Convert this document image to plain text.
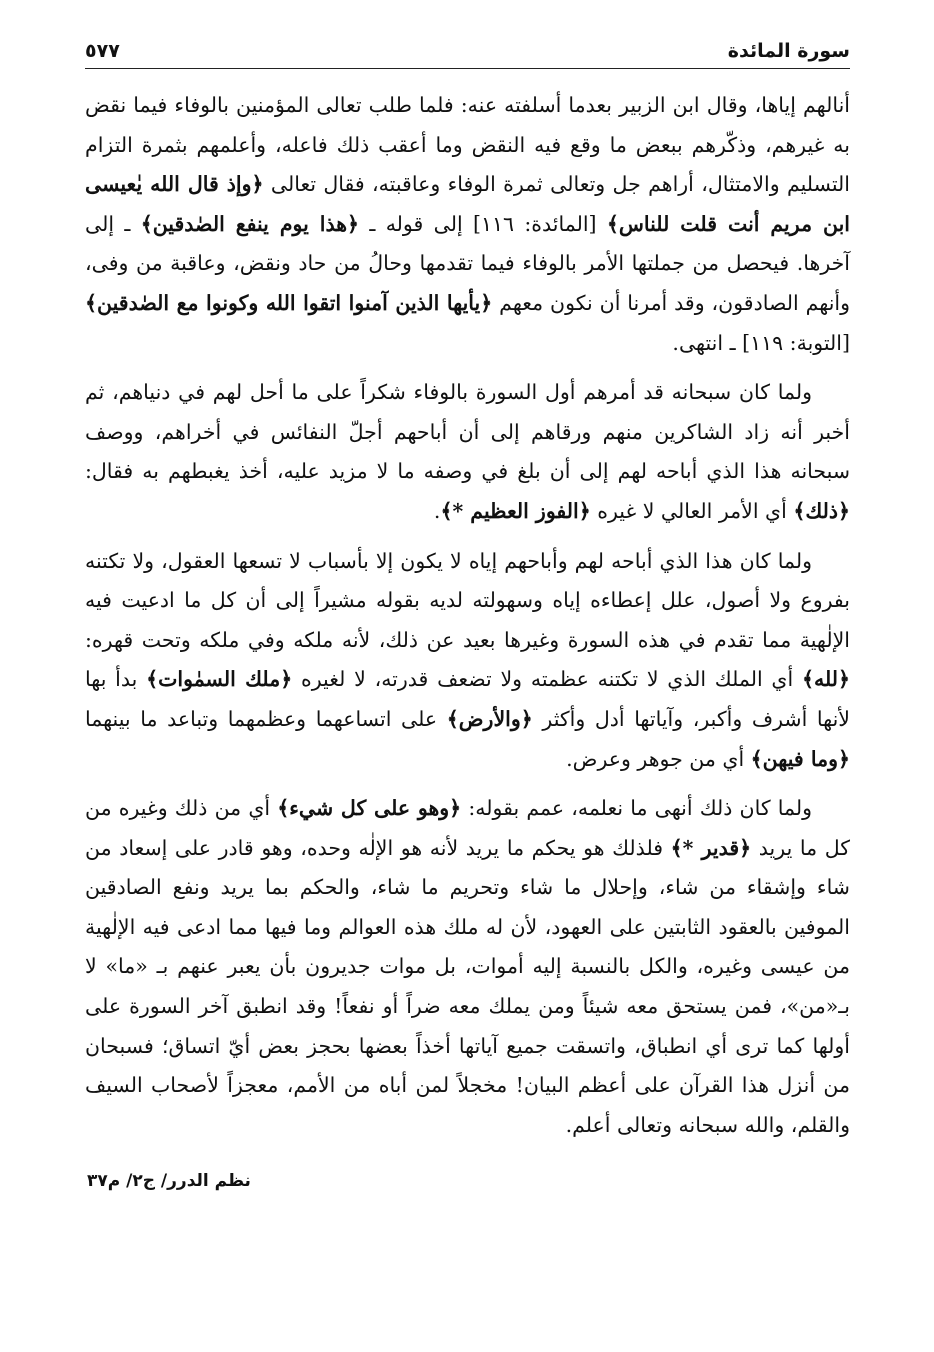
سورة المائدة
٥٧٧

أنالهم إياها، وقال ابن الزبير بعدما أسلفته عنه: فلما طلب تعالى المؤمنين بالوفاء فيما نقض به غيرهم، وذكّرهم ببعض ما وقع فيه النقض وما أعقب ذلك فاعله، وأعلمهم بثمرة التزام التسليم والامتثال، أراهم جل وتعالى ثمرة الوفاء وعاقبته، فقال تعالى ﴿وإذ قال الله يٰعيسى ابن مريم أنت قلت للناس﴾ [المائدة: ١١٦] إلى قوله ـ ﴿هذا يوم ينفع الصٰدقين﴾ ـ إلى آخرها. فيحصل من جملتها الأمر بالوفاء فيما تقدمها وحالُ من حاد ونقض، وعاقبة من وفى، وأنهم الصادقون، وقد أمرنا أن نكون معهم ﴿يأيها الذين آمنوا اتقوا الله وكونوا مع الصٰدقين﴾ [التوبة: ١١٩] ـ انتهى.

ولما كان سبحانه قد أمرهم أول السورة بالوفاء شكراً على ما أحل لهم في دنياهم، ثم أخبر أنه زاد الشاكرين منهم ورقاهم إلى أن أباحهم أجلّ النفائس في أخراهم، ووصف سبحانه هذا الذي أباحه لهم إلى أن بلغ في وصفه ما لا مزيد عليه، أخذ يغبطهم به فقال: ﴿ذلك﴾ أي الأمر العالي لا غيره ﴿الفوز العظيم *﴾.

ولما كان هذا الذي أباحه لهم وأباحهم إياه لا يكون إلا بأسباب لا تسعها العقول، ولا تكتنه بفروع ولا أصول، علل إعطاءه إياه وسهولته لديه بقوله مشيراً إلى أن كل ما ادعيت فيه الإلٰهية مما تقدم في هذه السورة وغيرها بعيد عن ذلك، لأنه ملكه وفي ملكه وتحت قهره: ﴿لله﴾ أي الملك الذي لا تكتنه عظمته ولا تضعف قدرته، لا لغيره ﴿ملك السمٰوات﴾ بدأ بها لأنها أشرف وأكبر، وآياتها أدل وأكثر ﴿والأرض﴾ على اتساعهما وعظمهما وتباعد ما بينهما ﴿وما فيهن﴾ أي من جوهر وعرض.

ولما كان ذلك أنهى ما نعلمه، عمم بقوله: ﴿وهو على كل شيء﴾ أي من ذلك وغيره من كل ما يريد ﴿قدير *﴾ فلذلك هو يحكم ما يريد لأنه هو الإلٰه وحده، وهو قادر على إسعاد من شاء وإشقاء من شاء، وإحلال ما شاء وتحريم ما شاء، والحكم بما يريد ونفع الصادقين الموفين بالعقود الثابتين على العهود، لأن له ملك هذه العوالم وما فيها مما ادعى فيه الإلٰهية من عيسى وغيره، والكل بالنسبة إليه أموات، بل موات جديرون بأن يعبر عنهم بـ «ما» لا بـ«من»، فمن يستحق معه شيئاً ومن يملك معه ضراً أو نفعاً! وقد انطبق آخر السورة على أولها كما ترى أي انطباق، واتسقت جميع آياتها أخذاً بعضها بحجز بعض أيّ اتساق؛ فسبحان من أنزل هذا القرآن على أعظم البيان! مخجلاً لمن أباه من الأمم، معجزاً لأصحاب السيف والقلم، والله سبحانه وتعالى أعلم.

نظم الدرر/ ج٢/ م٣٧
